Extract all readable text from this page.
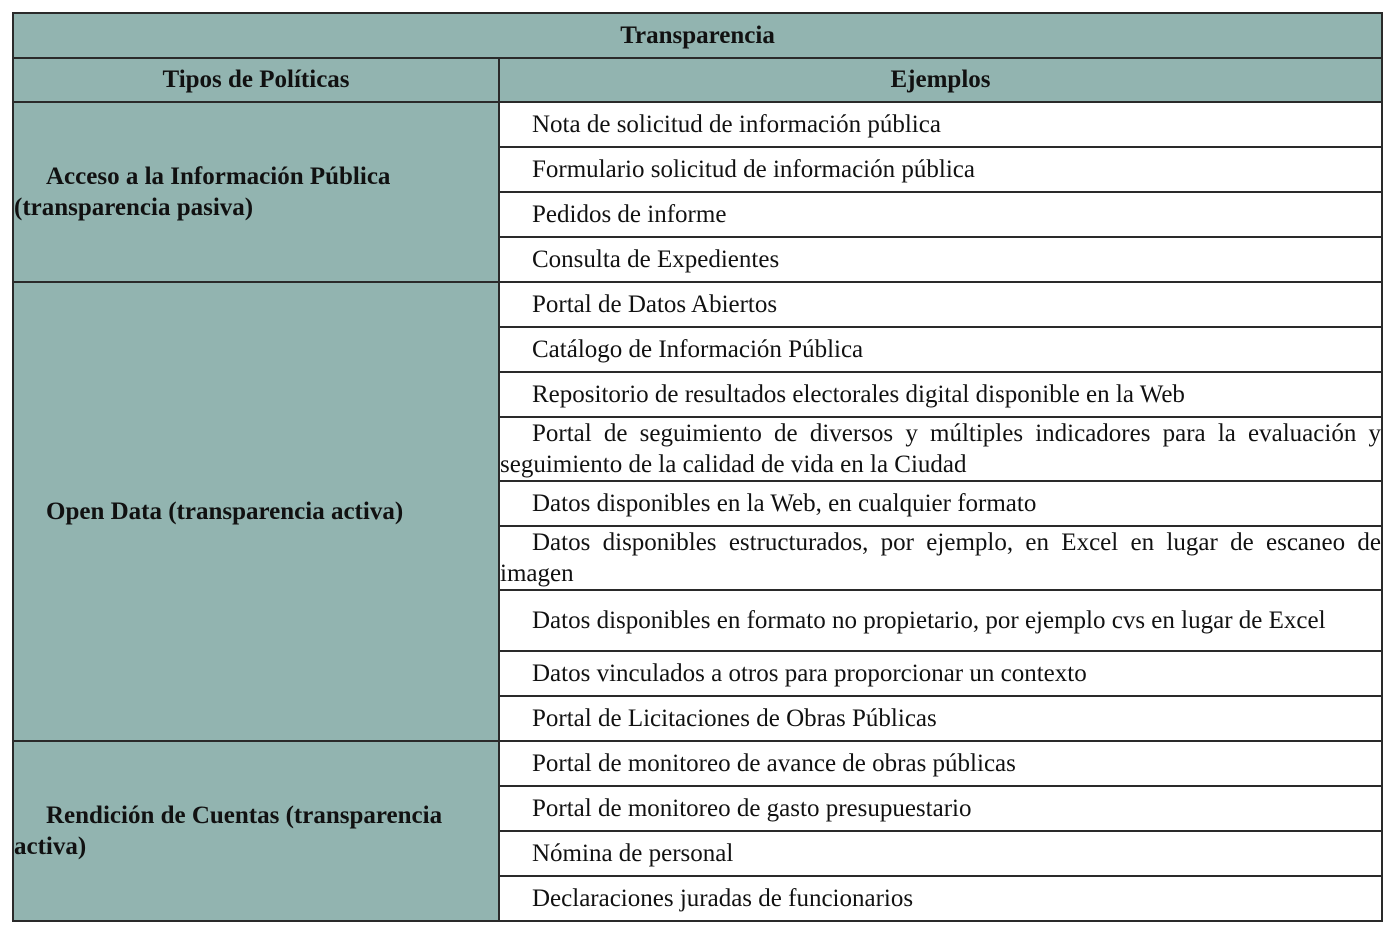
Transparencia	
Tipos de Políticas	Ejemplos

Acceso a la Información Pública (transparencia pasiva)	Nota de solicitud de información pública
	Formulario solicitud de información pública
	Pedidos de informe
	Consulta de Expedientes

Open Data (transparencia activa)	Portal de Datos Abiertos
	Catálogo de Información Pública
	Repositorio de resultados electorales digital disponible en la Web
	Portal de seguimiento de diversos y múltiples indicadores para la evaluación y seguimiento de la calidad de vida en la Ciudad
	Datos disponibles en la Web, en cualquier formato
	Datos disponibles estructurados, por ejemplo, en Excel en lugar de escaneo de imagen
	Datos disponibles en formato no propietario, por ejemplo cvs en lugar de Excel
	Datos vinculados a otros para proporcionar un contexto
	Portal de Licitaciones de Obras Públicas

Rendición de Cuentas (transparencia activa)	Portal de monitoreo de avance de obras públicas
	Portal de monitoreo de gasto presupuestario
	Nómina de personal
	Declaraciones juradas de funcionarios
